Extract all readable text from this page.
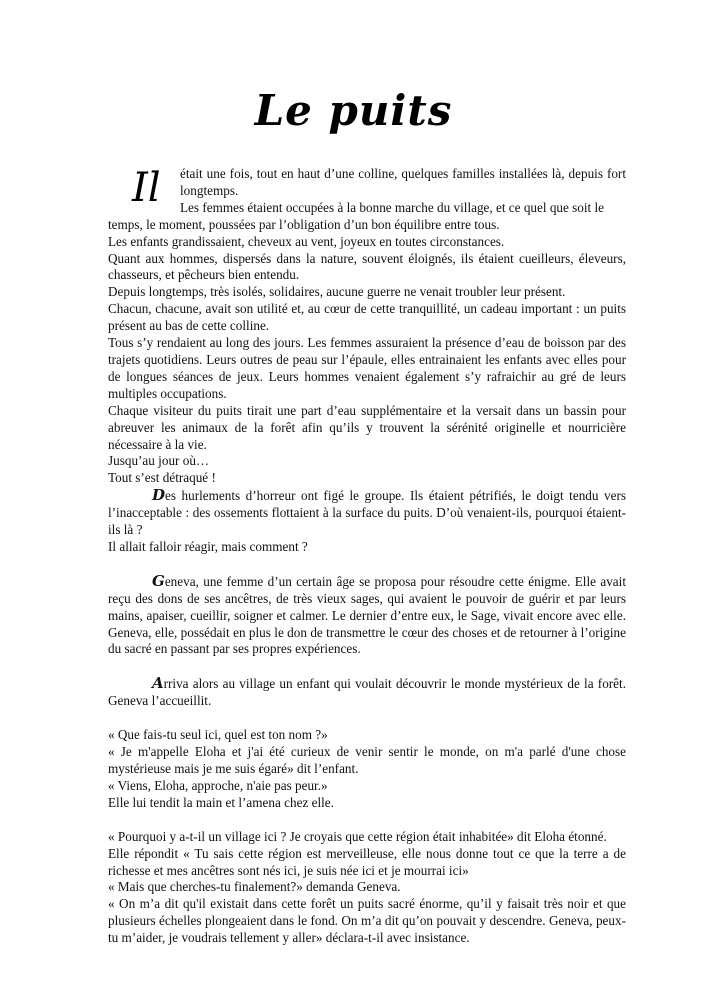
Le puits
Il était une fois, tout en haut d’une colline, quelques familles installées là, depuis fort longtemps.

Les femmes étaient occupées à la bonne marche du village, et ce quel que soit le

temps, le moment, poussées par l’obligation d’un bon équilibre entre tous.

Les enfants grandissaient, cheveux au vent, joyeux en toutes circonstances.

Quant aux hommes, dispersés dans la nature, souvent éloignés, ils étaient cueilleurs, éleveurs, chasseurs, et pêcheurs bien entendu.

Depuis longtemps, très isolés, solidaires, aucune guerre ne venait troubler leur présent.

Chacun, chacune, avait son utilité et, au cœur de cette tranquillité, un cadeau important : un puits présent au bas de cette colline.

Tous s’y rendaient au long des jours. Les femmes assuraient la présence d’eau de boisson par des trajets quotidiens. Leurs outres de peau sur l’épaule, elles entrainaient les enfants avec elles pour de longues séances de jeux. Leurs hommes venaient également s’y rafraichir au gré de leurs multiples occupations.

Chaque visiteur du puits tirait une part d’eau supplémentaire et la versait dans un bassin pour abreuver les animaux de la forêt afin qu’ils y trouvent la sérénité originelle et nourricière nécessaire à la vie.

Jusqu’au jour où…

Tout s’est détraqué !

Des hurlements d’horreur ont figé le groupe. Ils étaient pétrifiés, le doigt tendu vers l’inacceptable : des ossements flottaient à la surface du puits. D’où venaient-ils, pourquoi étaient-ils là ?

Il allait falloir réagir, mais comment ?

Geneva, une femme d’un certain âge se proposa pour résoudre cette énigme. Elle avait reçu des dons de ses ancêtres, de très vieux sages, qui avaient le pouvoir de guérir et par leurs mains, apaiser, cueillir, soigner et calmer. Le dernier d’entre eux, le Sage, vivait encore avec elle. Geneva, elle, possédait en plus le don de transmettre le cœur des choses et de retourner à l’origine du sacré en passant par ses propres expériences.

Arriva alors au village un enfant qui voulait découvrir le monde mystérieux de la forêt. Geneva l’accueillit.

« Que fais-tu seul ici, quel est ton nom ?»

« Je m'appelle Eloha et j'ai été curieux de venir sentir le monde, on m'a parlé d'une chose mystérieuse mais je me suis égaré» dit l’enfant.

« Viens, Eloha, approche, n'aie pas peur.»

Elle lui tendit la main et l’amena chez elle.

« Pourquoi y a-t-il un village ici ? Je croyais que cette région était inhabitée» dit Eloha étonné.

Elle répondit « Tu sais cette région est merveilleuse, elle nous donne tout ce que la terre a de richesse et mes ancêtres sont nés ici, je suis née ici et je mourrai ici»

« Mais que cherches-tu finalement?» demanda Geneva.

« On m’a dit qu'il existait dans cette forêt un puits sacré énorme, qu’il y faisait très noir et que plusieurs échelles plongeaient dans le fond. On m’a dit qu’on pouvait y descendre. Geneva, peux-tu m’aider, je voudrais tellement y aller» déclara-t-il avec insistance.
